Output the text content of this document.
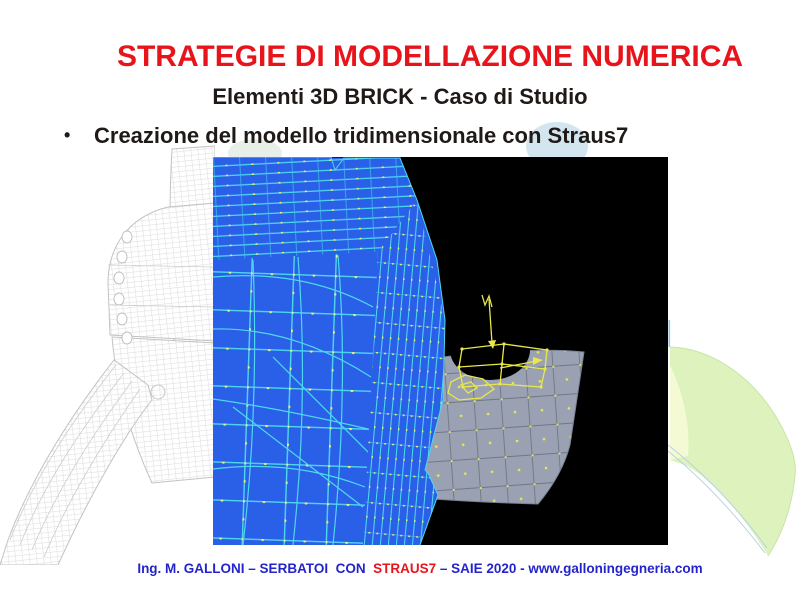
STRATEGIE DI MODELLAZIONE NUMERICA
Elementi 3D BRICK - Caso di Studio
•	Creazione del modello tridimensionale con Straus7
Ing. M. GALLONI – SERBATOI  CON  STRAUS7 – SAIE 2020 - www.galloningegneria.com
